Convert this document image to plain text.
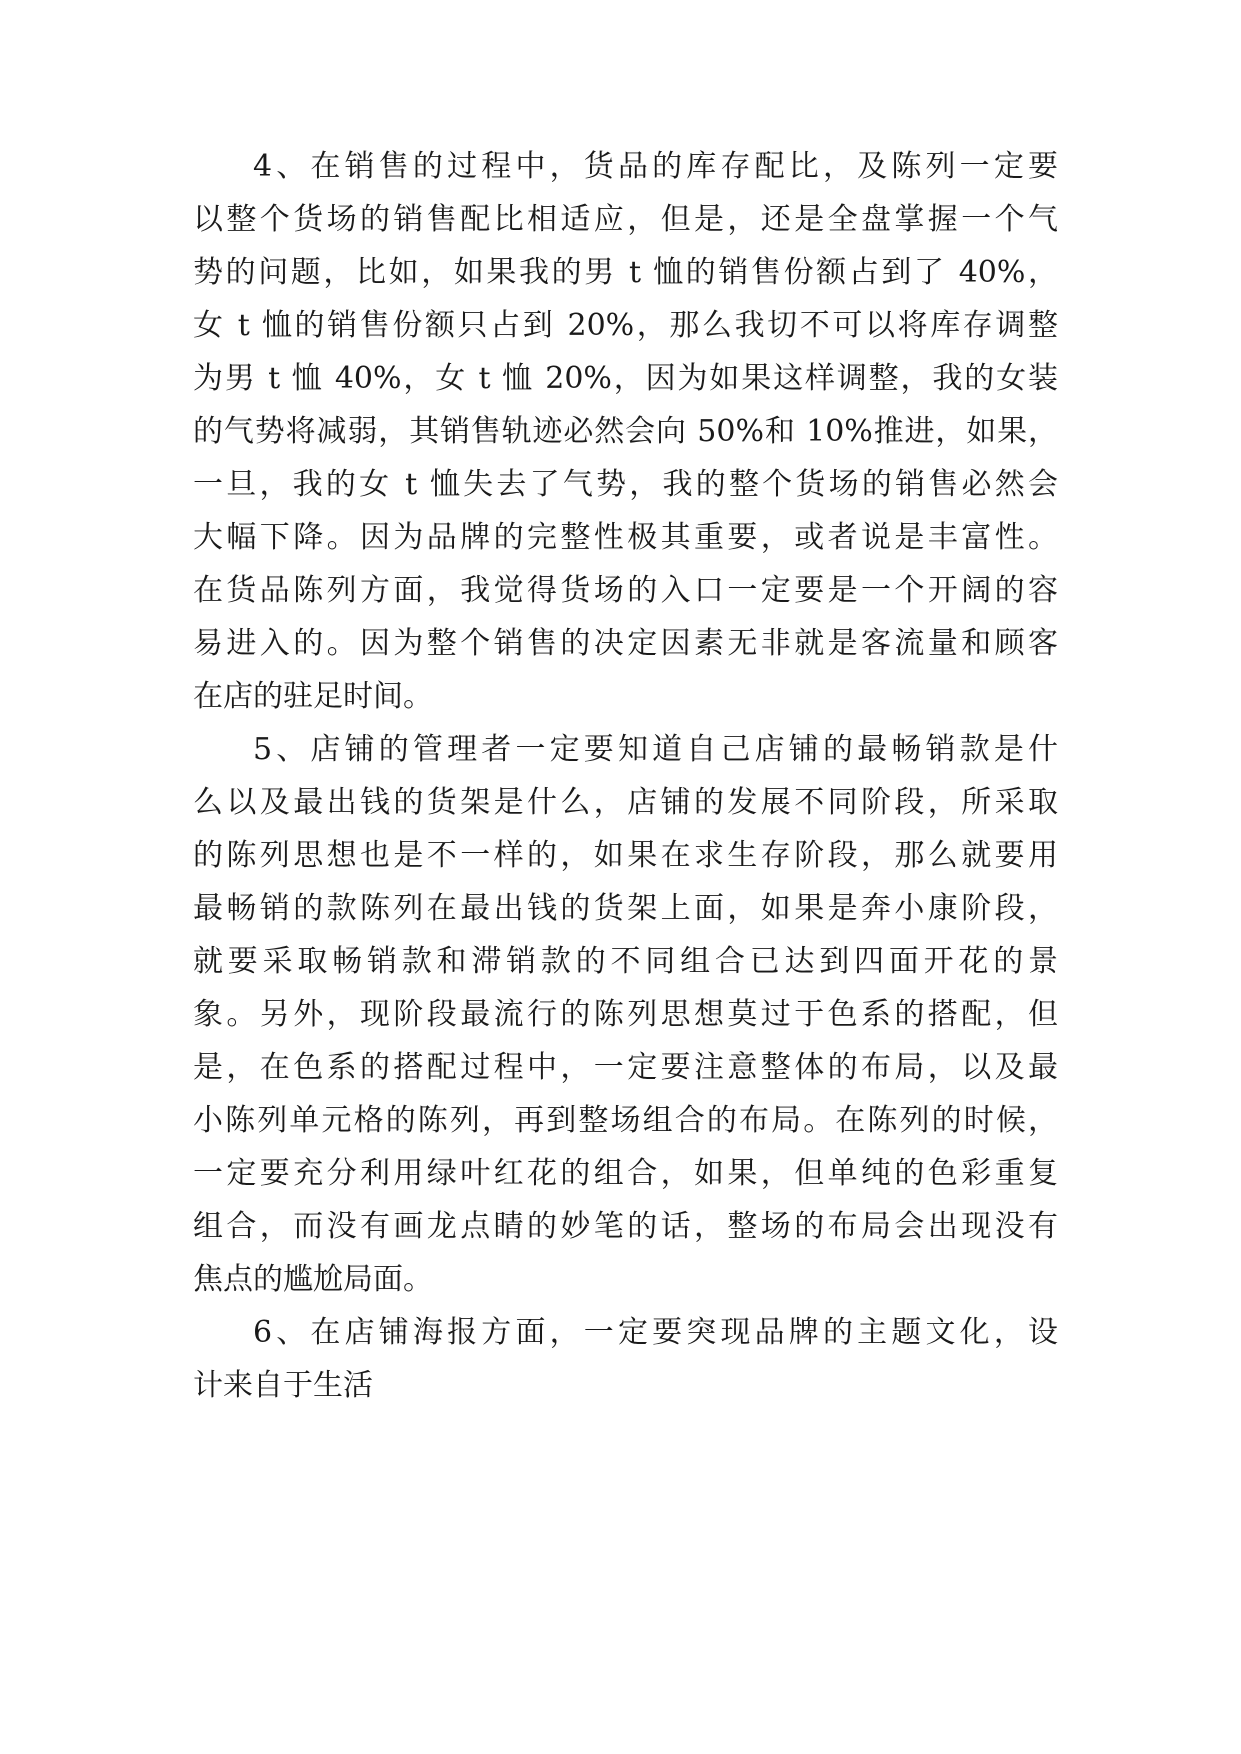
4、在销售的过程中，货品的库存配比，及陈列一定要
以整个货场的销售配比相适应，但是，还是全盘掌握一个气
势的问题，比如，如果我的男 t 恤的销售份额占到了 40%，
女 t 恤的销售份额只占到 20%，那么我切不可以将库存调整
为男 t 恤 40%，女 t 恤 20%，因为如果这样调整，我的女装
的气势将减弱，其销售轨迹必然会向 50%和 10%推进，如果，
一旦，我的女 t 恤失去了气势，我的整个货场的销售必然会
大幅下降。因为品牌的完整性极其重要，或者说是丰富性。
在货品陈列方面，我觉得货场的入口一定要是一个开阔的容
易进入的。因为整个销售的决定因素无非就是客流量和顾客
在店的驻足时间。
5、店铺的管理者一定要知道自己店铺的最畅销款是什
么以及最出钱的货架是什么，店铺的发展不同阶段，所采取
的陈列思想也是不一样的，如果在求生存阶段，那么就要用
最畅销的款陈列在最出钱的货架上面，如果是奔小康阶段，
就要采取畅销款和滞销款的不同组合已达到四面开花的景
象。另外，现阶段最流行的陈列思想莫过于色系的搭配，但
是，在色系的搭配过程中，一定要注意整体的布局，以及最
小陈列单元格的陈列，再到整场组合的布局。在陈列的时候，
一定要充分利用绿叶红花的组合，如果，但单纯的色彩重复
组合，而没有画龙点睛的妙笔的话，整场的布局会出现没有
焦点的尴尬局面。
6、在店铺海报方面，一定要突现品牌的主题文化，设
计来自于生活
